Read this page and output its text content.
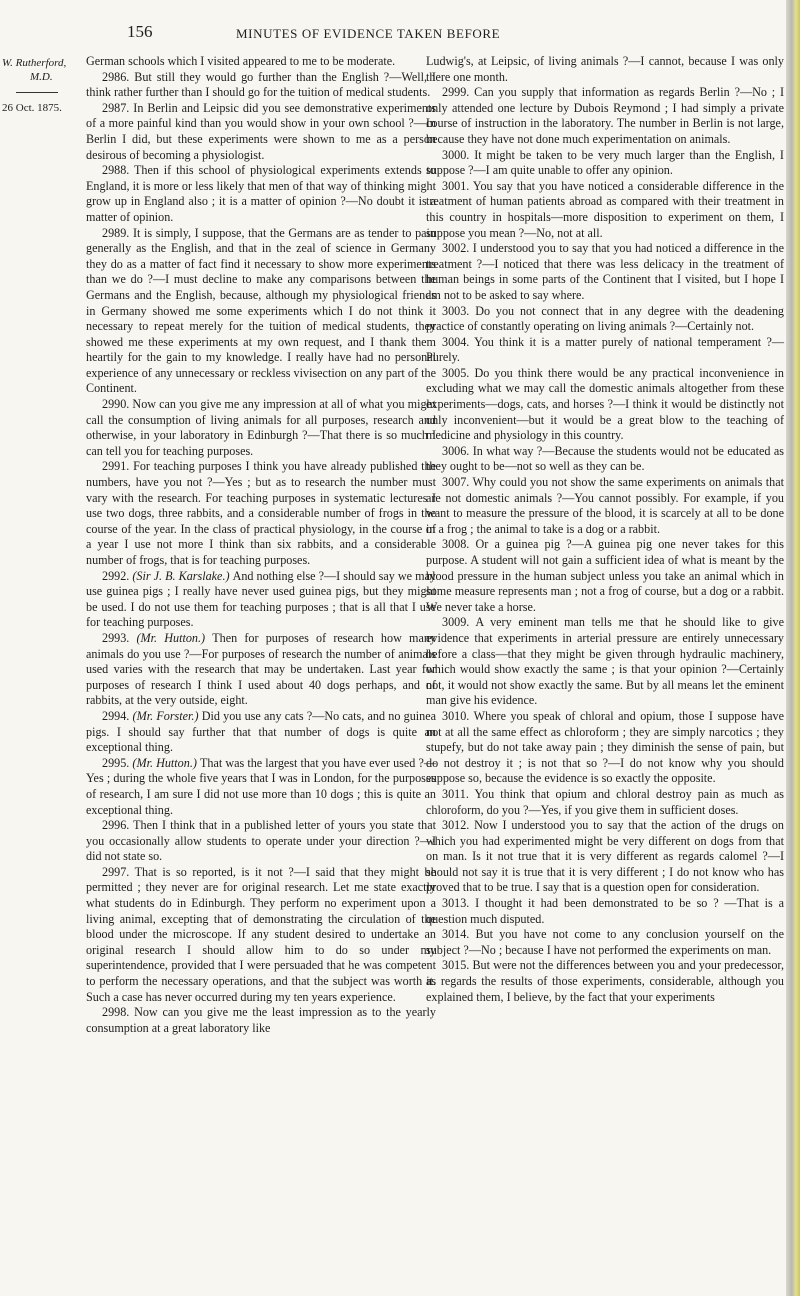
156	MINUTES OF EVIDENCE TAKEN BEFORE
W. Rutherford,
M.D.
26 Oct. 1875.

German schools which I visited appeared to me to be moderate.

2986. But still they would go further than the English ?—Well, I think rather further than I should go for the tuition of medical students.

2987. In Berlin and Leipsic did you see demonstrative experiments of a more painful kind than you would show in your own school ?—In Berlin I did, but these experiments were shown to me as a person desirous of becoming a physiologist.

2988. Then if this school of physiological experiments extends to England, it is more or less likely that men of that way of thinking might grow up in England also ; it is a matter of opinion ?—No doubt it is a matter of opinion.

2989. It is simply, I suppose, that the Germans are as tender to pain generally as the English, and that in the zeal of science in Germany they do as a matter of fact find it necessary to show more experiments than we do ?—I must decline to make any comparisons between the Germans and the English, because, although my physiological friends in Germany showed me some experiments which I do not think it necessary to repeat merely for the tuition of medical students, they showed me these experiments at my own request, and I thank them heartily for the gain to my knowledge. I really have had no personal experience of any unnecessary or reckless vivisection on any part of the Continent.

2990. Now can you give me any impression at all of what you might call the consumption of living animals for all purposes, research and otherwise, in your laboratory in Edinburgh ?—That there is so much I can tell you for teaching purposes.

2991. For teaching purposes I think you have already published the numbers, have you not ?—Yes ; but as to research the number must vary with the research. For teaching purposes in systematic lectures I use two dogs, three rabbits, and a considerable number of frogs in the course of the year. In the class of practical physiology, in the course of a year I use not more I think than six rabbits, and a considerable number of frogs, that is for teaching purposes.

2992. (Sir J. B. Karslake.) And nothing else ?—I should say we may use guinea pigs ; I really have never used guinea pigs, but they might be used. I do not use them for teaching purposes ; that is all that I use for teaching purposes.

2993. (Mr. Hutton.) Then for purposes of research how many animals do you use ?—For purposes of research the number of animals used varies with the research that may be undertaken. Last year for purposes of research I think I used about 40 dogs perhaps, and of rabbits, at the very outside, eight.

2994. (Mr. Forster.) Did you use any cats ?—No cats, and no guinea pigs. I should say further that that number of dogs is quite an exceptional thing.

2995. (Mr. Hutton.) That was the largest that you have ever used ?—Yes ; during the whole five years that I was in London, for the purposes of research, I am sure I did not use more than 10 dogs ; this is quite an exceptional thing.

2996. Then I think that in a published letter of yours you state that you occasionally allow students to operate under your direction ?—I did not state so.

2997. That is so reported, is it not ?—I said that they might be permitted ; they never are for original research. Let me state exactly what students do in Edinburgh. They perform no experiment upon a living animal, excepting that of demonstrating the circulation of the blood under the microscope. If any student desired to undertake an original research I should allow him to do so under my superintendence, provided that I were persuaded that he was competent to perform the necessary operations, and that the subject was worth it. Such a case has never occurred during my ten years experience.

2998. Now can you give me the least impression as to the yearly consumption at a great laboratory like

Ludwig's, at Leipsic, of living animals ?—I cannot, because I was only there one month.

2999. Can you supply that information as regards Berlin ?—No ; I only attended one lecture by Dubois Reymond ; I had simply a private course of instruction in the laboratory. The number in Berlin is not large, because they have not done much experimentation on animals.

3000. It might be taken to be very much larger than the English, I suppose ?—I am quite unable to offer any opinion.

3001. You say that you have noticed a considerable difference in the treatment of human patients abroad as compared with their treatment in this country in hospitals—more disposition to experiment on them, I suppose you mean ?—No, not at all.

3002. I understood you to say that you had noticed a difference in the treatment ?—I noticed that there was less delicacy in the treatment of human beings in some parts of the Continent that I visited, but I hope I am not to be asked to say where.

3003. Do you not connect that in any degree with the deadening practice of constantly operating on living animals ?—Certainly not.

3004. You think it is a matter purely of national temperament ?—Purely.

3005. Do you think there would be any practical inconvenience in excluding what we may call the domestic animals altogether from these experiments—dogs, cats, and horses ?—I think it would be distinctly not only inconvenient—but it would be a great blow to the teaching of medicine and physiology in this country.

3006. In what way ?—Because the students would not be educated as they ought to be—not so well as they can be.

3007. Why could you not show the same experiments on animals that are not domestic animals ?—You cannot possibly. For example, if you want to measure the pressure of the blood, it is scarcely at all to be done in a frog ; the animal to take is a dog or a rabbit.

3008. Or a guinea pig ?—A guinea pig one never takes for this purpose. A student will not gain a sufficient idea of what is meant by the blood pressure in the human subject unless you take an animal which in some measure represents man ; not a frog of course, but a dog or a rabbit. We never take a horse.

3009. A very eminent man tells me that he should like to give evidence that experiments in arterial pressure are entirely unnecessary before a class—that they might be given through hydraulic machinery, which would show exactly the same ; is that your opinion ?—Certainly not, it would not show exactly the same. But by all means let the eminent man give his evidence.

3010. Where you speak of chloral and opium, those I suppose have not at all the same effect as chloroform ; they are simply narcotics ; they stupefy, but do not take away pain ; they diminish the sense of pain, but do not destroy it ; is not that so ?—I do not know why you should suppose so, because the evidence is so exactly the opposite.

3011. You think that opium and chloral destroy pain as much as chloroform, do you ?—Yes, if you give them in sufficient doses.

3012. Now I understood you to say that the action of the drugs on which you had experimented might be very different on dogs from that on man. Is it not true that it is very different as regards calomel ?—I should not say it is true that it is very different ; I do not know who has proved that to be true. I say that is a question open for consideration.

3013. I thought it had been demonstrated to be so ? —That is a question much disputed.

3014. But you have not come to any conclusion yourself on the subject ?—No ; because I have not performed the experiments on man.

3015. But were not the differences between you and your predecessor, as regards the results of those experiments, considerable, although you explained them, I believe, by the fact that your experiments
